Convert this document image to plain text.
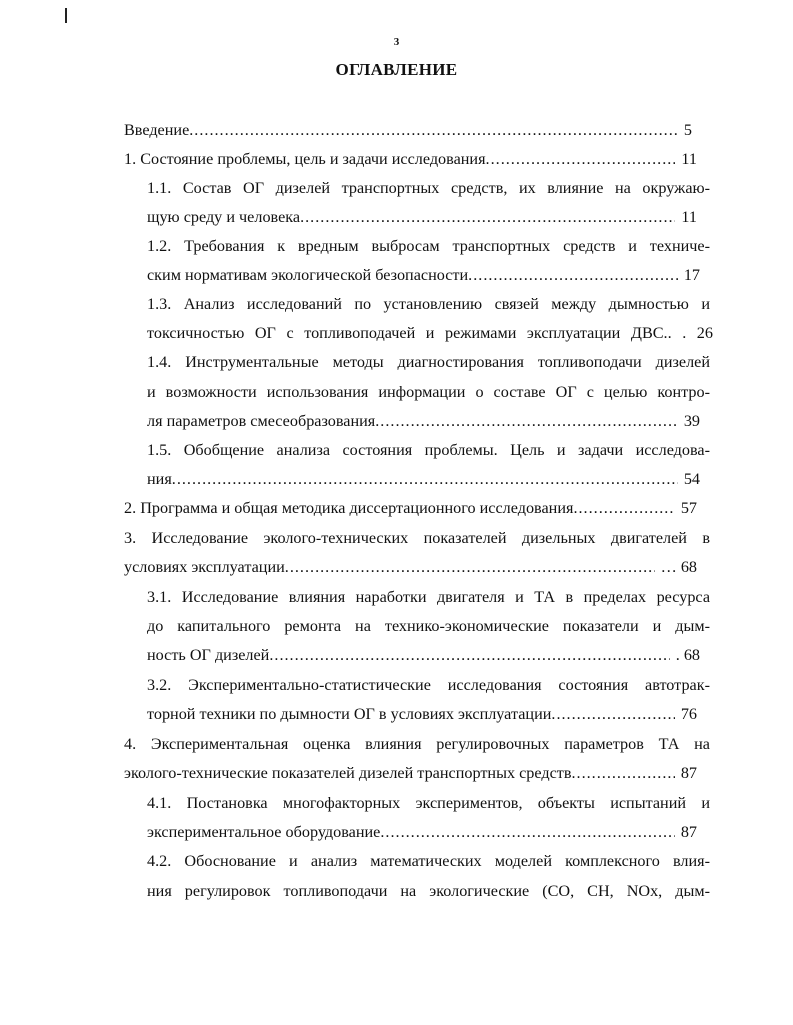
3
ОГЛАВЛЕНИЕ
Введение .....	5
1. Состояние проблемы, цель и задачи исследования .....	11
1.1. Состав ОГ дизелей транспортных средств, их влияние на окружаю-
щую среду и человека .....	11
1.2. Требования к вредным выбросам транспортных средств и техниче-
ским нормативам экологической безопасности .....	17
1.3. Анализ исследований по установлению связей между дымностью и
токсичностью ОГ с топливоподачей и режимами эксплуатации ДВС.. . 26
1.4. Инструментальные методы диагностирования топливоподачи дизелей
и возможности использования информации о составе ОГ с целью контро-
ля параметров смесеобразования .....	39
1.5. Обобщение анализа состояния проблемы. Цель и задачи исследова-
ния .....	54
2. Программа и общая методика диссертационного исследования .....	57
3. Исследование эколого-технических показателей дизельных двигателей в
условиях эксплуатации .....	… 68
3.1. Исследование влияния наработки двигателя и ТА в пределах ресурса
до капитального ремонта на технико-экономические показатели и дым-
ность ОГ дизелей .....	. 68
3.2. Экспериментально-статистические исследования состояния автотрак-
торной техники по дымности ОГ в условиях эксплуатации .....	76
4. Экспериментальная оценка влияния регулировочных параметров ТА на
эколого-технические показателей дизелей транспортных средств .....	87
4.1. Постановка многофакторных экспериментов, объекты испытаний и
экспериментальное оборудование .....	87
4.2. Обоснование и анализ математических моделей комплексного влия-
ния регулировок топливоподачи на экологические (СО, СН, NOx, дым-
